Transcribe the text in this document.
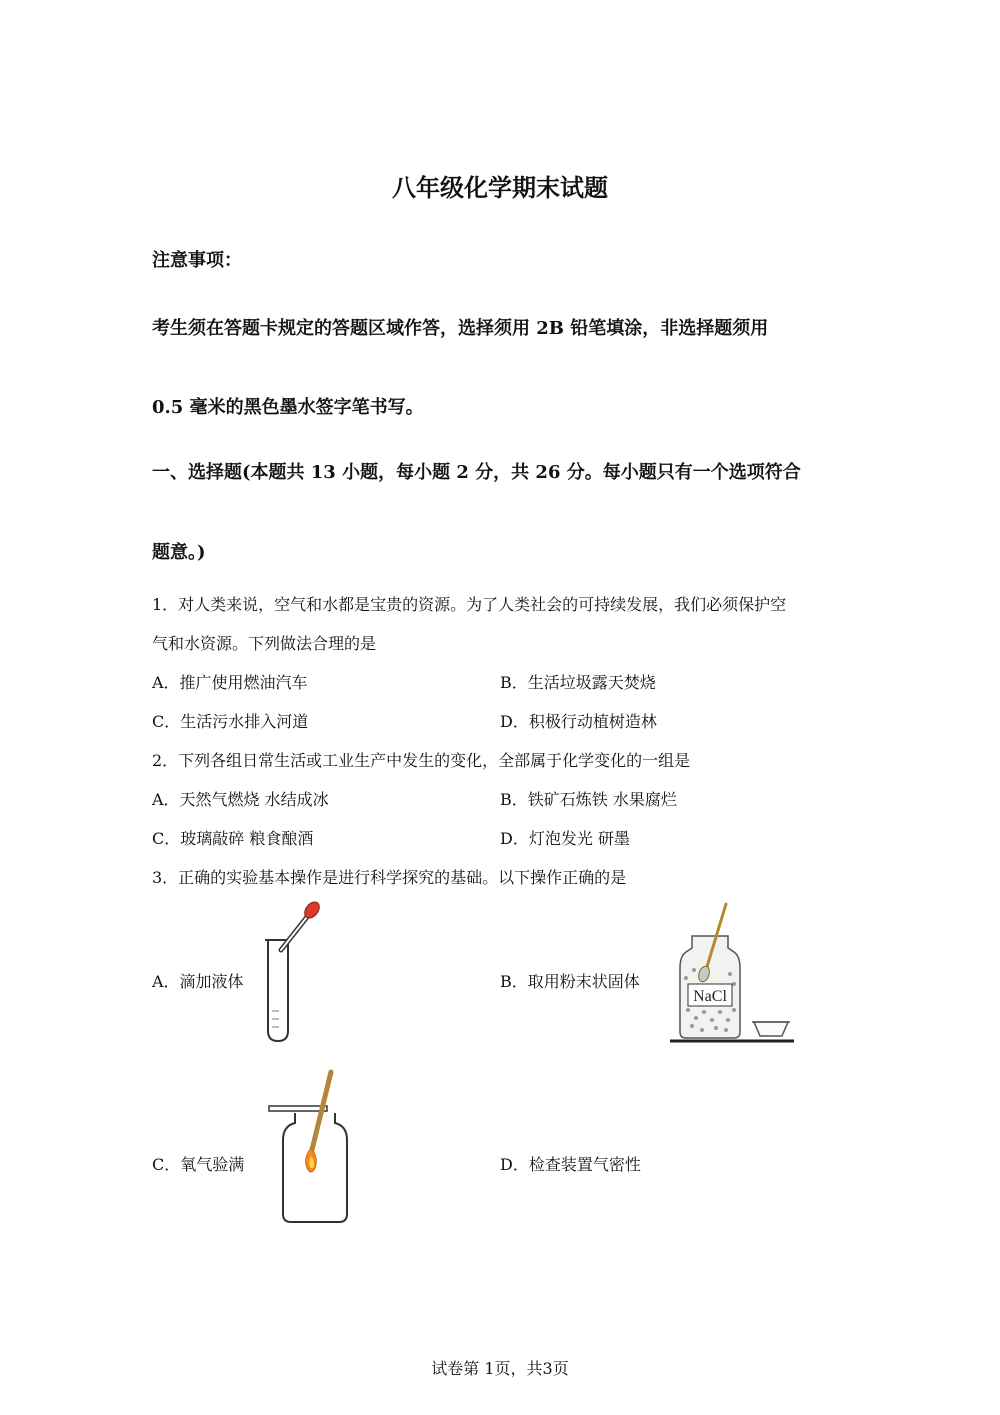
八年级化学期末试题
注意事项：
考生须在答题卡规定的答题区域作答，选择须用 2B 铅笔填涂，非选择题须用
0.5 毫米的黑色墨水签字笔书写。
一、选择题(本题共 13 小题，每小题 2 分，共 26 分。每小题只有一个选项符合
题意。)
1．对人类来说，空气和水都是宝贵的资源。为了人类社会的可持续发展，我们必须保护空
气和水资源。下列做法合理的是
A．推广使用燃油汽车	B．生活垃圾露天焚烧
C．生活污水排入河道	D．积极行动植树造林
2．下列各组日常生活或工业生产中发生的变化，全部属于化学变化的一组是
A．天然气燃烧 水结成冰	B．铁矿石炼铁 水果腐烂
C．玻璃敲碎 粮食酿酒	D．灯泡发光 研墨
3．正确的实验基本操作是进行科学探究的基础。以下操作正确的是
A．滴加液体	B．取用粉末状固体
C．氧气验满	D．检查装置气密性
NaCl
试卷第 1页，共3页
